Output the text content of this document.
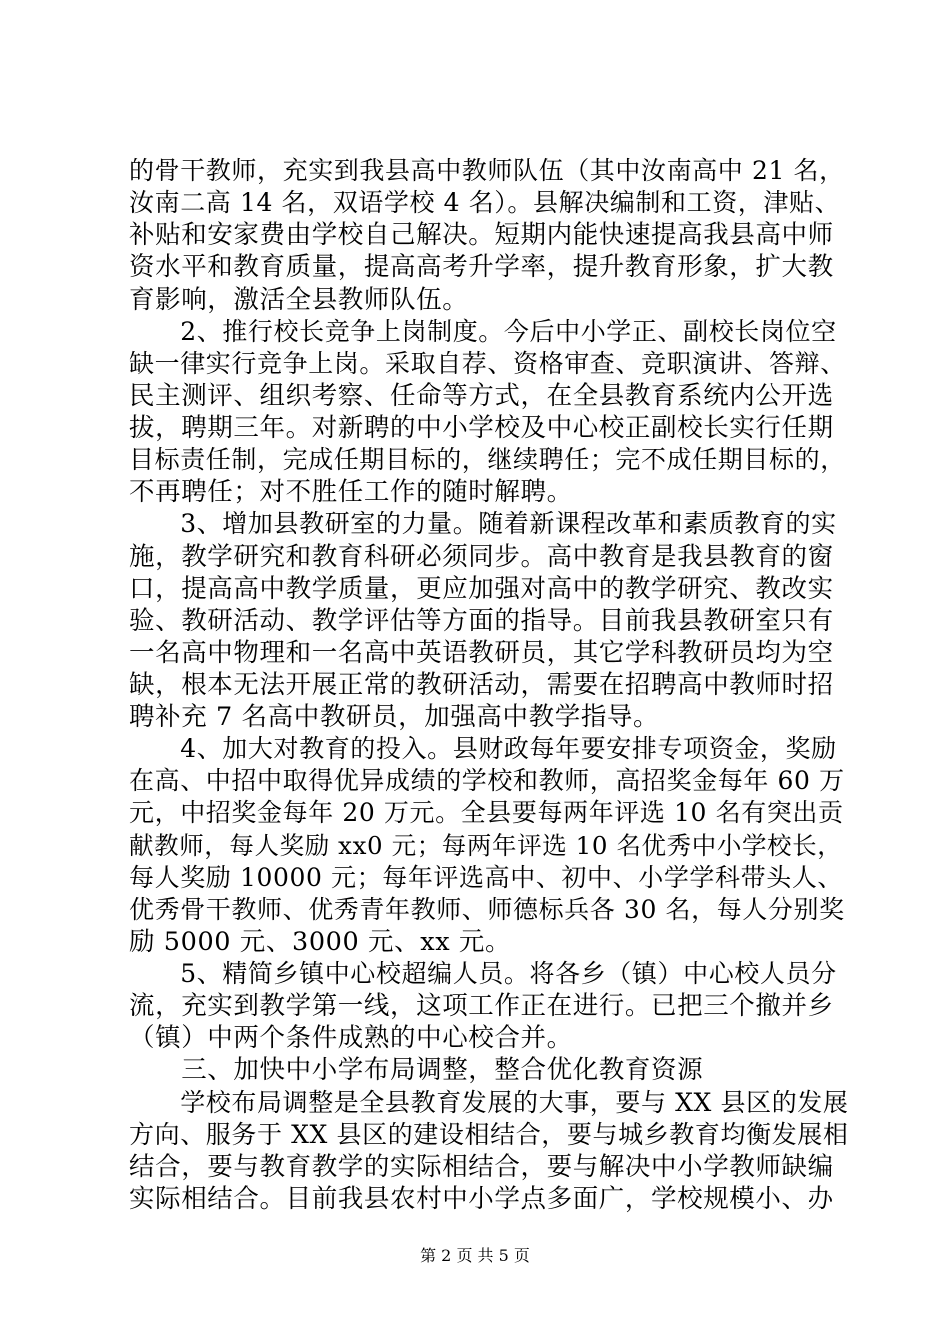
的骨干教师，充实到我县高中教师队伍（其中汝南高中 21 名，
汝南二高 14 名，双语学校 4 名）。县解决编制和工资，津贴、
补贴和安家费由学校自己解决。短期内能快速提高我县高中师
资水平和教育质量，提高高考升学率，提升教育形象，扩大教
育影响，激活全县教师队伍。
　　2、推行校长竞争上岗制度。今后中小学正、副校长岗位空
缺一律实行竞争上岗。采取自荐、资格审查、竞职演讲、答辩、
民主测评、组织考察、任命等方式，在全县教育系统内公开选
拔，聘期三年。对新聘的中小学校及中心校正副校长实行任期
目标责任制，完成任期目标的，继续聘任；完不成任期目标的，
不再聘任；对不胜任工作的随时解聘。
　　3、增加县教研室的力量。随着新课程改革和素质教育的实
施，教学研究和教育科研必须同步。高中教育是我县教育的窗
口，提高高中教学质量，更应加强对高中的教学研究、教改实
验、教研活动、教学评估等方面的指导。目前我县教研室只有
一名高中物理和一名高中英语教研员，其它学科教研员均为空
缺，根本无法开展正常的教研活动，需要在招聘高中教师时招
聘补充 7 名高中教研员，加强高中教学指导。
　　4、加大对教育的投入。县财政每年要安排专项资金，奖励
在高、中招中取得优异成绩的学校和教师，高招奖金每年 60 万
元，中招奖金每年 20 万元。全县要每两年评选 10 名有突出贡
献教师，每人奖励 xx0 元；每两年评选 10 名优秀中小学校长，
每人奖励 10000 元；每年评选高中、初中、小学学科带头人、
优秀骨干教师、优秀青年教师、师德标兵各 30 名，每人分别奖
励 5000 元、3000 元、xx 元。
　　5、精简乡镇中心校超编人员。将各乡（镇）中心校人员分
流，充实到教学第一线，这项工作正在进行。已把三个撤并乡
（镇）中两个条件成熟的中心校合并。
　　三、加快中小学布局调整，整合优化教育资源
　　学校布局调整是全县教育发展的大事，要与 XX 县区的发展
方向、服务于 XX 县区的建设相结合，要与城乡教育均衡发展相
结合，要与教育教学的实际相结合，要与解决中小学教师缺编
实际相结合。目前我县农村中小学点多面广，学校规模小、办
第 2 页 共 5 页
